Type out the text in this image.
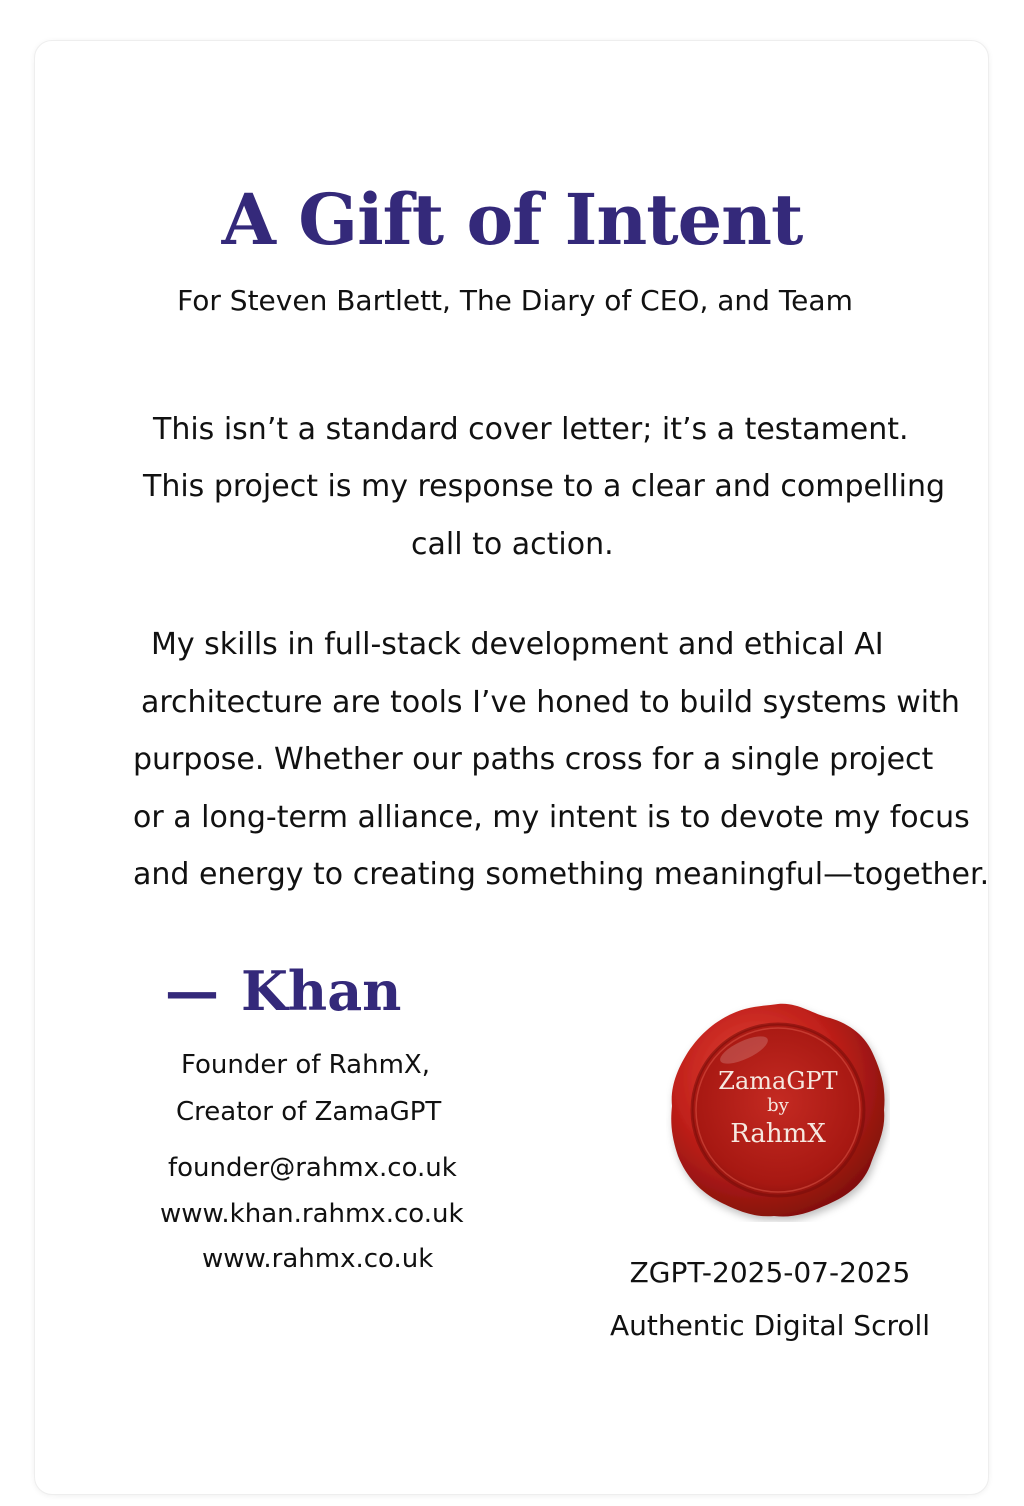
A Gift of Intent
For Steven Bartlett, The Diary of CEO, and Team
This isn’t a standard cover letter; it’s a testament.
This project is my response to a clear and compelling
call to action.
My skills in full-stack development and ethical AI
architecture are tools I’ve honed to build systems with
purpose. Whether our paths cross for a single project
or a long-term alliance, my intent is to devote my focus
and energy to creating something meaningful—together.
— Khan
Founder of RahmX,
Creator of ZamaGPT
founder@rahmx.co.uk
www.khan.rahmx.co.uk
www.rahmx.co.uk
ZamaGPT
by
RahmX
ZGPT-2025-07-2025
Authentic Digital Scroll
